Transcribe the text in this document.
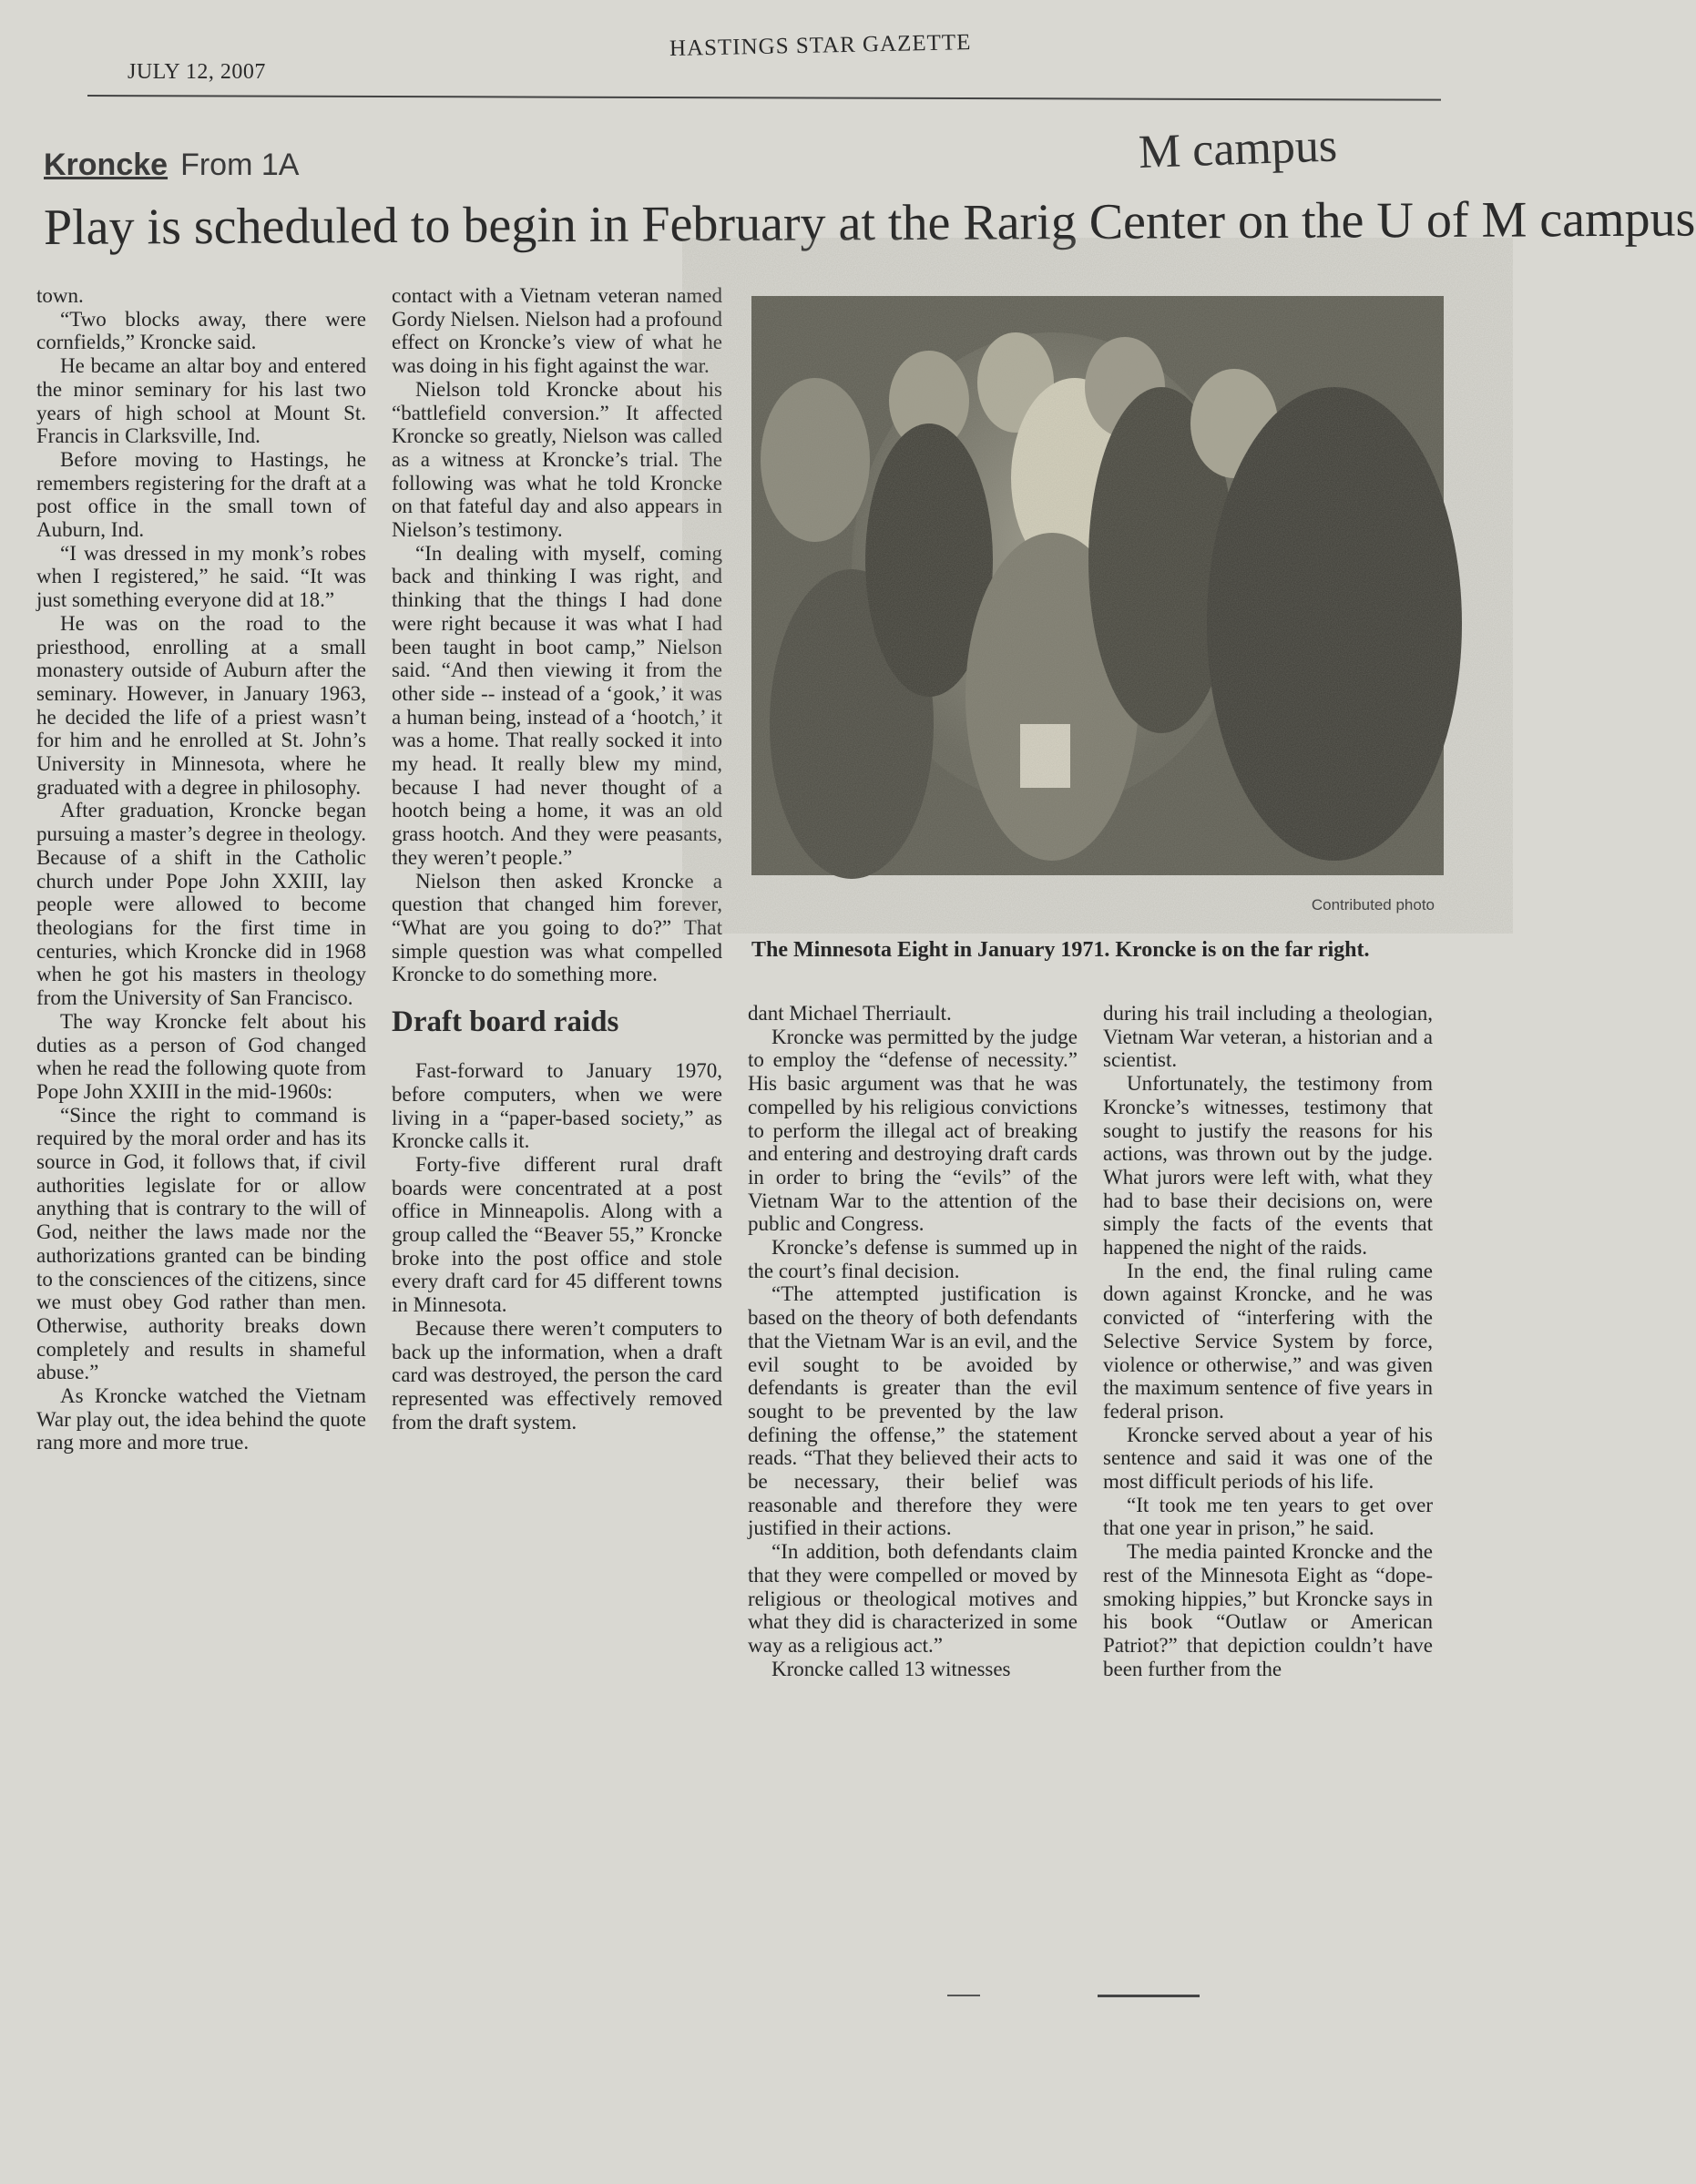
JULY 12, 2007
HASTINGS STAR GAZETTE
Kroncke From 1A	M campus
Play is scheduled to begin in February at the Rarig Center on the U of M campus

town.

“Two blocks away, there were cornfields,” Kroncke said.

He became an altar boy and entered the minor seminary for his last two years of high school at Mount St. Francis in Clarksville, Ind.

Before moving to Hastings, he remembers registering for the draft at a post office in the small town of Auburn, Ind.

“I was dressed in my monk’s robes when I registered,” he said. “It was just something everyone did at 18.”

He was on the road to the priesthood, enrolling at a small monastery outside of Auburn after the seminary. However, in January 1963, he decided the life of a priest wasn’t for him and he enrolled at St. John’s University in Minnesota, where he graduated with a degree in philosophy.

After graduation, Kroncke began pursuing a master’s degree in theology. Because of a shift in the Catholic church under Pope John XXIII, lay people were allowed to become theologians for the first time in centuries, which Kroncke did in 1968 when he got his masters in theology from the University of San Francisco.

The way Kroncke felt about his duties as a person of God changed when he read the following quote from Pope John XXIII in the mid-1960s:

“Since the right to command is required by the moral order and has its source in God, it follows that, if civil authorities legislate for or allow anything that is contrary to the will of God, neither the laws made nor the authorizations granted can be binding to the consciences of the citizens, since we must obey God rather than men. Otherwise, authority breaks down completely and results in shameful abuse.”

As Kroncke watched the Vietnam War play out, the idea behind the quote rang more and more true.

contact with a Vietnam veteran named Gordy Nielsen. Nielson had a profound effect on Kroncke’s view of what he was doing in his fight against the war.

Nielson told Kroncke about his “battlefield conversion.” It affected Kroncke so greatly, Nielson was called as a witness at Kroncke’s trial. The following was what he told Kroncke on that fateful day and also appears in Nielson’s testimony.

“In dealing with myself, coming back and thinking I was right, and thinking that the things I had done were right because it was what I had been taught in boot camp,” Nielson said. “And then viewing it from the other side -- instead of a ‘gook,’ it was a human being, instead of a ‘hootch,’ it was a home. That really socked it into my head. It really blew my mind, because I had never thought of a hootch being a home, it was an old grass hootch. And they were peasants, they weren’t people.”

Nielson then asked Kroncke a question that changed him forever, “What are you going to do?” That simple question was what compelled Kroncke to do something more.

Draft board raids

Fast-forward to January 1970, before computers, when we were living in a “paper-based society,” as Kroncke calls it.

Forty-five different rural draft boards were concentrated at a post office in Minneapolis. Along with a group called the “Beaver 55,” Kroncke broke into the post office and stole every draft card for 45 different towns in Minnesota.

Because there weren’t computers to back up the information, when a draft card was destroyed, the person the card represented was effectively removed from the draft system.

Contributed photo
The Minnesota Eight in January 1971. Kroncke is on the far right.

dant Michael Therriault.

Kroncke was permitted by the judge to employ the “defense of necessity.” His basic argument was that he was compelled by his religious convictions to perform the illegal act of breaking and entering and destroying draft cards in order to bring the “evils” of the Vietnam War to the attention of the public and Congress.

Kroncke’s defense is summed up in the court’s final decision.

“The attempted justification is based on the theory of both defendants that the Vietnam War is an evil, and the evil sought to be avoided by defendants is greater than the evil sought to be prevented by the law defining the offense,” the statement reads. “That they believed their acts to be necessary, their belief was reasonable and therefore they were justified in their actions.

“In addition, both defendants claim that they were compelled or moved by religious or theological motives and what they did is characterized in some way as a religious act.”

Kroncke called 13 witnesses

during his trail including a theologian, Vietnam War veteran, a historian and a scientist.

Unfortunately, the testimony from Kroncke’s witnesses, testimony that sought to justify the reasons for his actions, was thrown out by the judge. What jurors were left with, what they had to base their decisions on, were simply the facts of the events that happened the night of the raids.

In the end, the final ruling came down against Kroncke, and he was convicted of “interfering with the Selective Service System by force, violence or otherwise,” and was given the maximum sentence of five years in federal prison.

Kroncke served about a year of his sentence and said it was one of the most difficult periods of his life.

“It took me ten years to get over that one year in prison,” he said.

The media painted Kroncke and the rest of the Minnesota Eight as “dope-smoking hippies,” but Kroncke says in his book “Outlaw or American Patriot?” that depiction couldn’t have been further from the
